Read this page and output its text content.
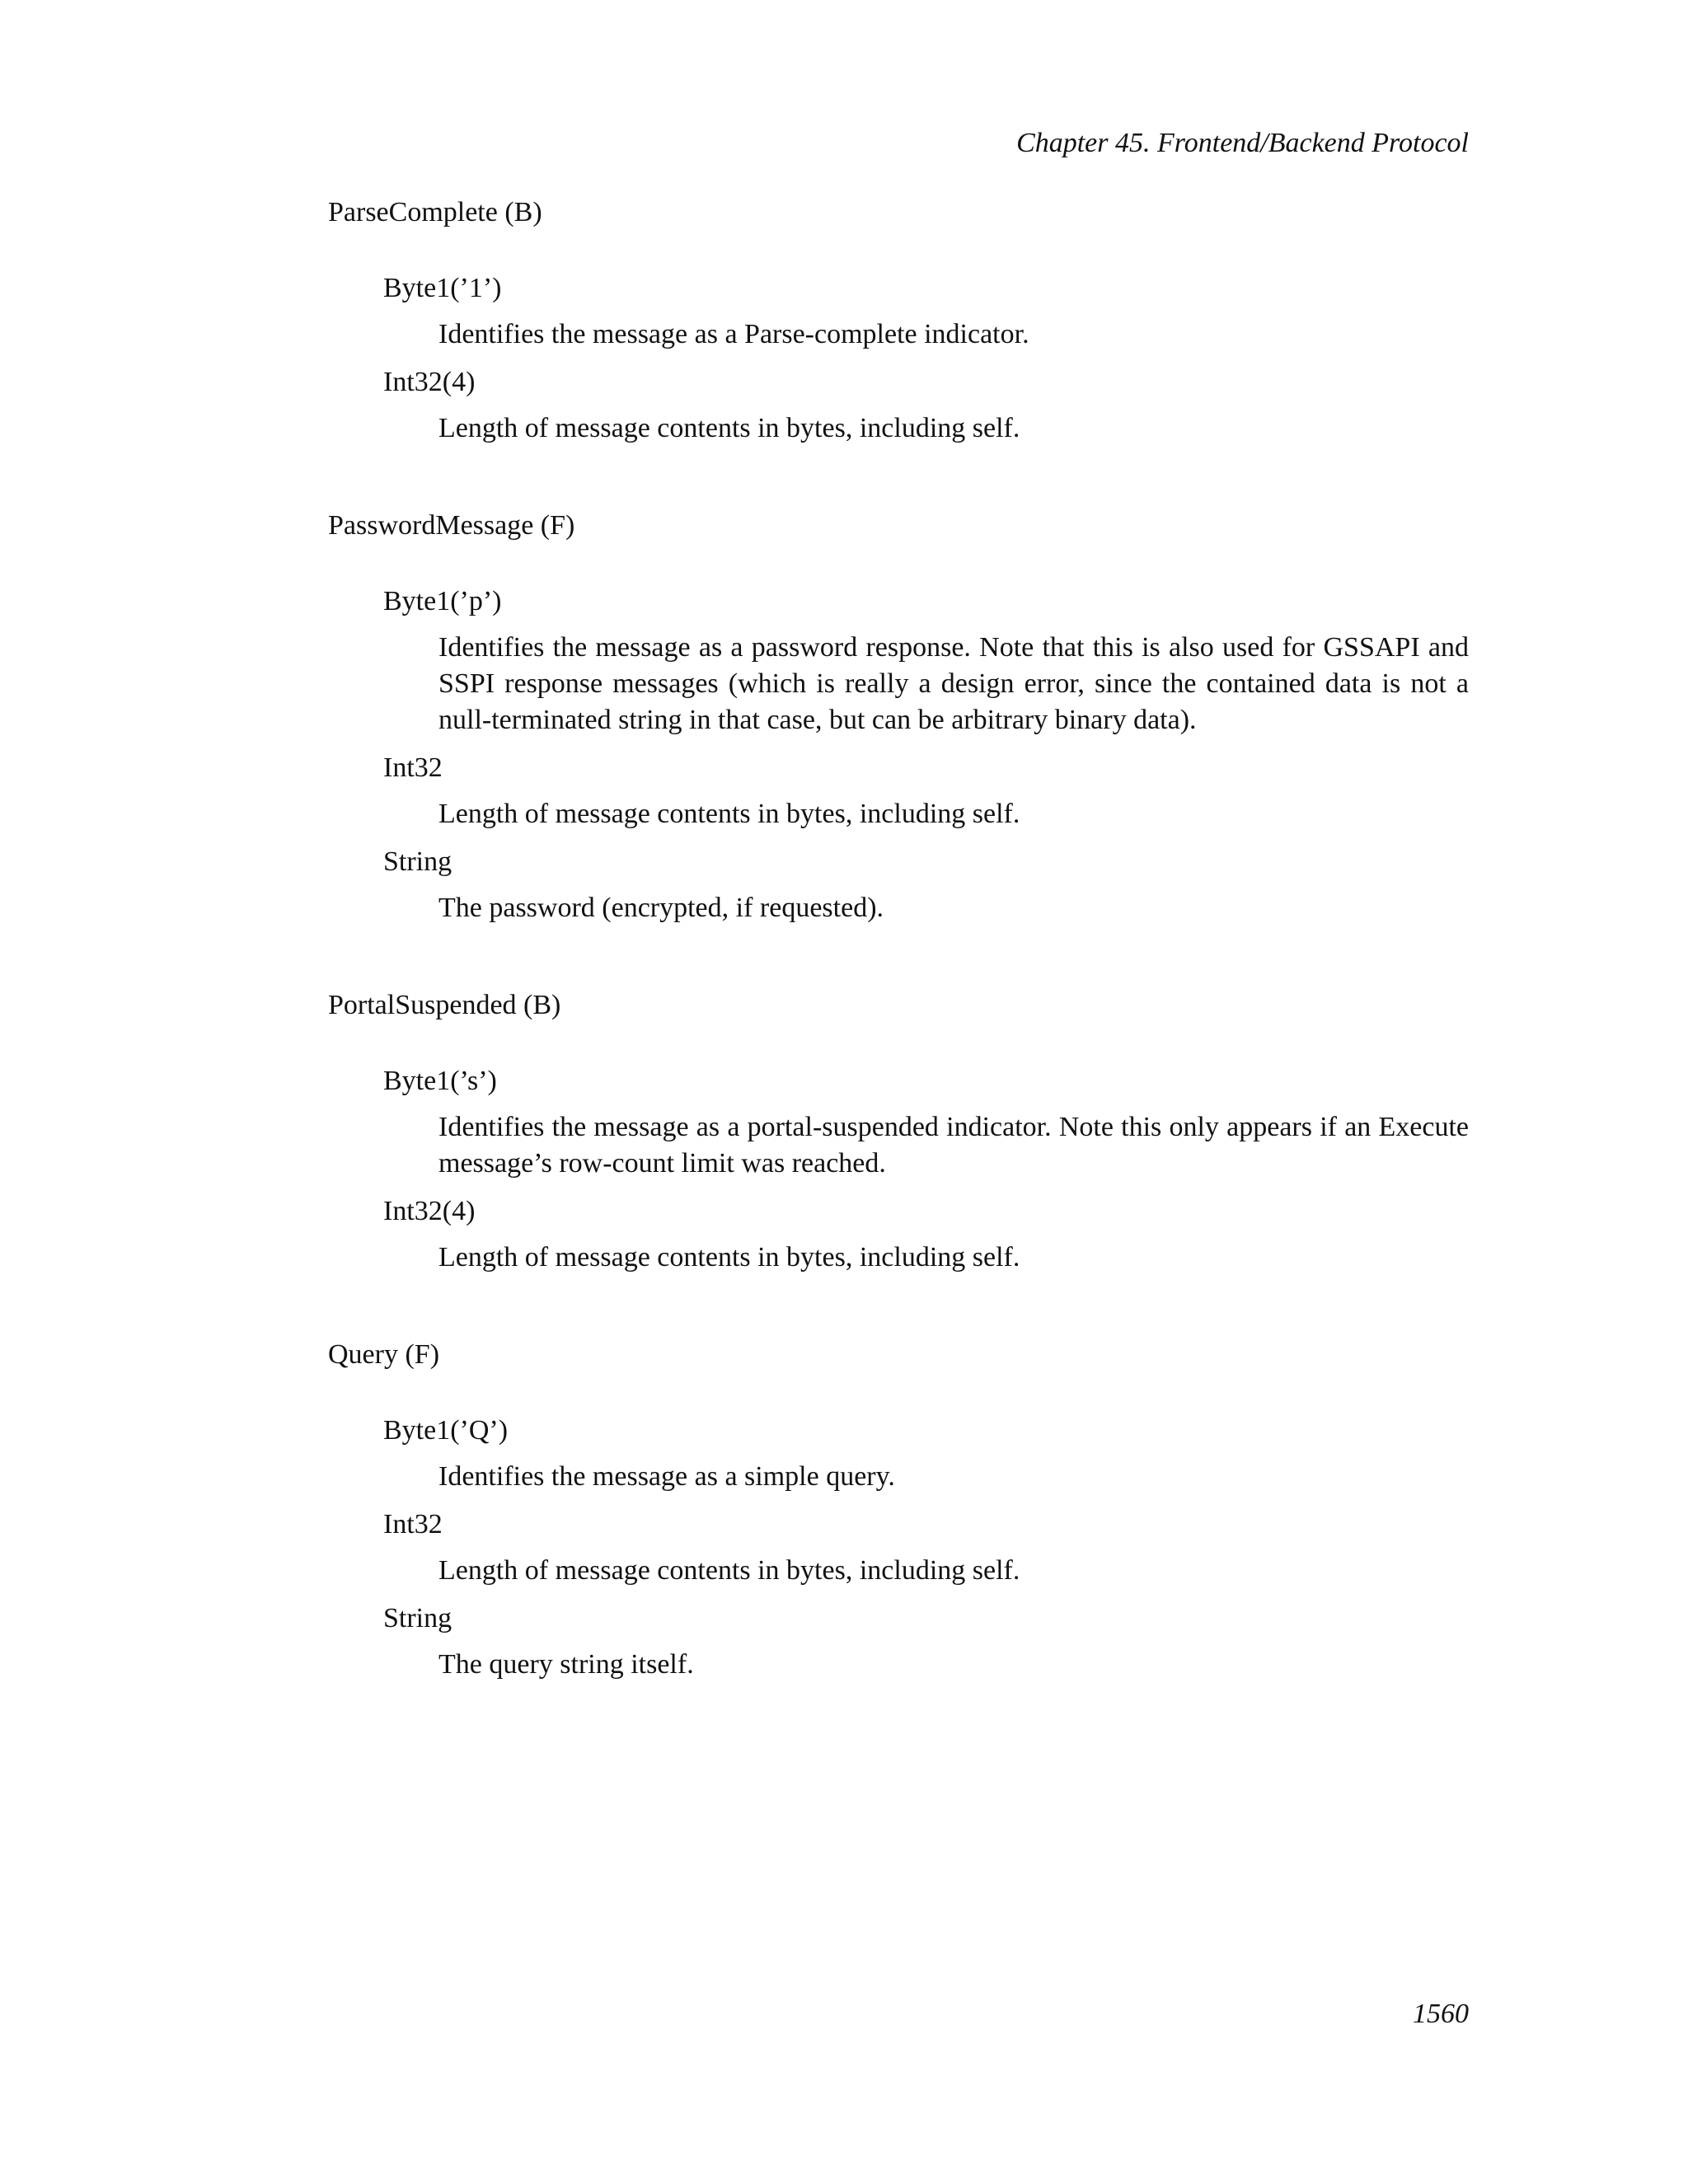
Chapter 45. Frontend/Backend Protocol
ParseComplete (B)
Byte1(’1’)
Identifies the message as a Parse-complete indicator.
Int32(4)
Length of message contents in bytes, including self.
PasswordMessage (F)
Byte1(’p’)
Identifies the message as a password response. Note that this is also used for GSSAPI and SSPI response messages (which is really a design error, since the contained data is not a null-terminated string in that case, but can be arbitrary binary data).
Int32
Length of message contents in bytes, including self.
String
The password (encrypted, if requested).
PortalSuspended (B)
Byte1(’s’)
Identifies the message as a portal-suspended indicator. Note this only appears if an Execute message’s row-count limit was reached.
Int32(4)
Length of message contents in bytes, including self.
Query (F)
Byte1(’Q’)
Identifies the message as a simple query.
Int32
Length of message contents in bytes, including self.
String
The query string itself.
1560
